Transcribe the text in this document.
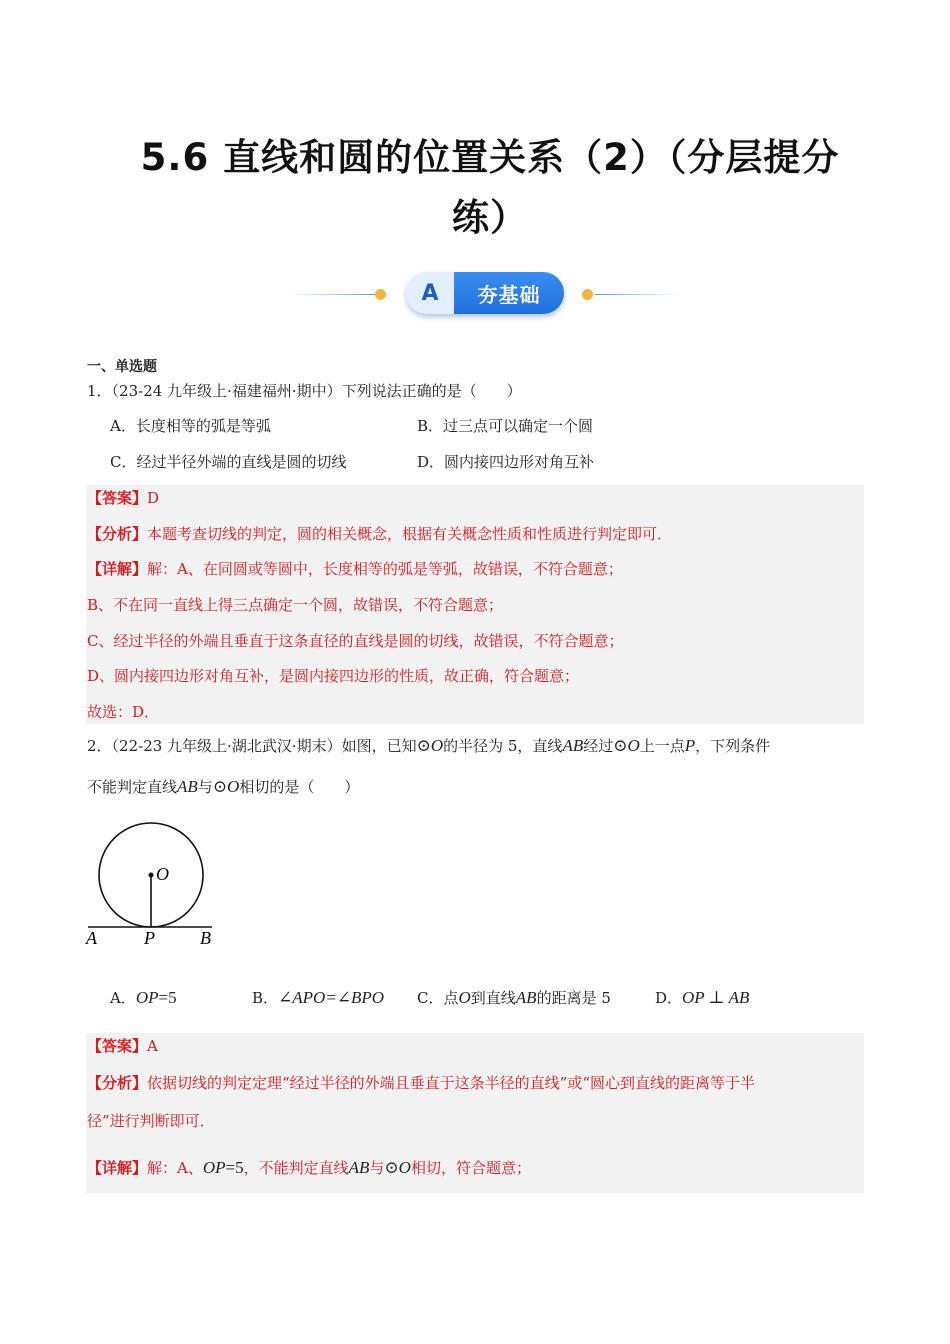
5.6 直线和圆的位置关系（2）（分层提分
练）
A	夯基础
一、单选题
1．（23-24 九年级上·福建福州·期中）下列说法正确的是（　　）
A．长度相等的弧是等弧	B．过三点可以确定一个圆
C．经过半径外端的直线是圆的切线	D．圆内接四边形对角互补
【答案】D
【分析】本题考查切线的判定，圆的相关概念，根据有关概念性质和性质进行判定即可．
【详解】解：A、在同圆或等圆中，长度相等的弧是等弧，故错误，不符合题意；
B、不在同一直线上得三点确定一个圆，故错误，不符合题意；
C、经过半径的外端且垂直于这条直径的直线是圆的切线，故错误，不符合题意；
D、圆内接四边形对角互补，是圆内接四边形的性质，故正确，符合题意；
故选：D．
2．（22-23 九年级上·湖北武汉·期末）如图，已知⊙O的半径为 5，直线AB经过⊙O上一点P，下列条件
不能判定直线AB与⊙O相切的是（　　）
O
A	P	B
A．OP=5	B．∠APO=∠BPO C．点O到直线AB的距离是 5	D．OP ⊥ AB
【答案】A
【分析】依据切线的判定定理“经过半径的外端且垂直于这条半径的直线”或“圆心到直线的距离等于半
径”进行判断即可．
【详解】解：A、OP=5，不能判定直线AB与⊙O相切，符合题意；
